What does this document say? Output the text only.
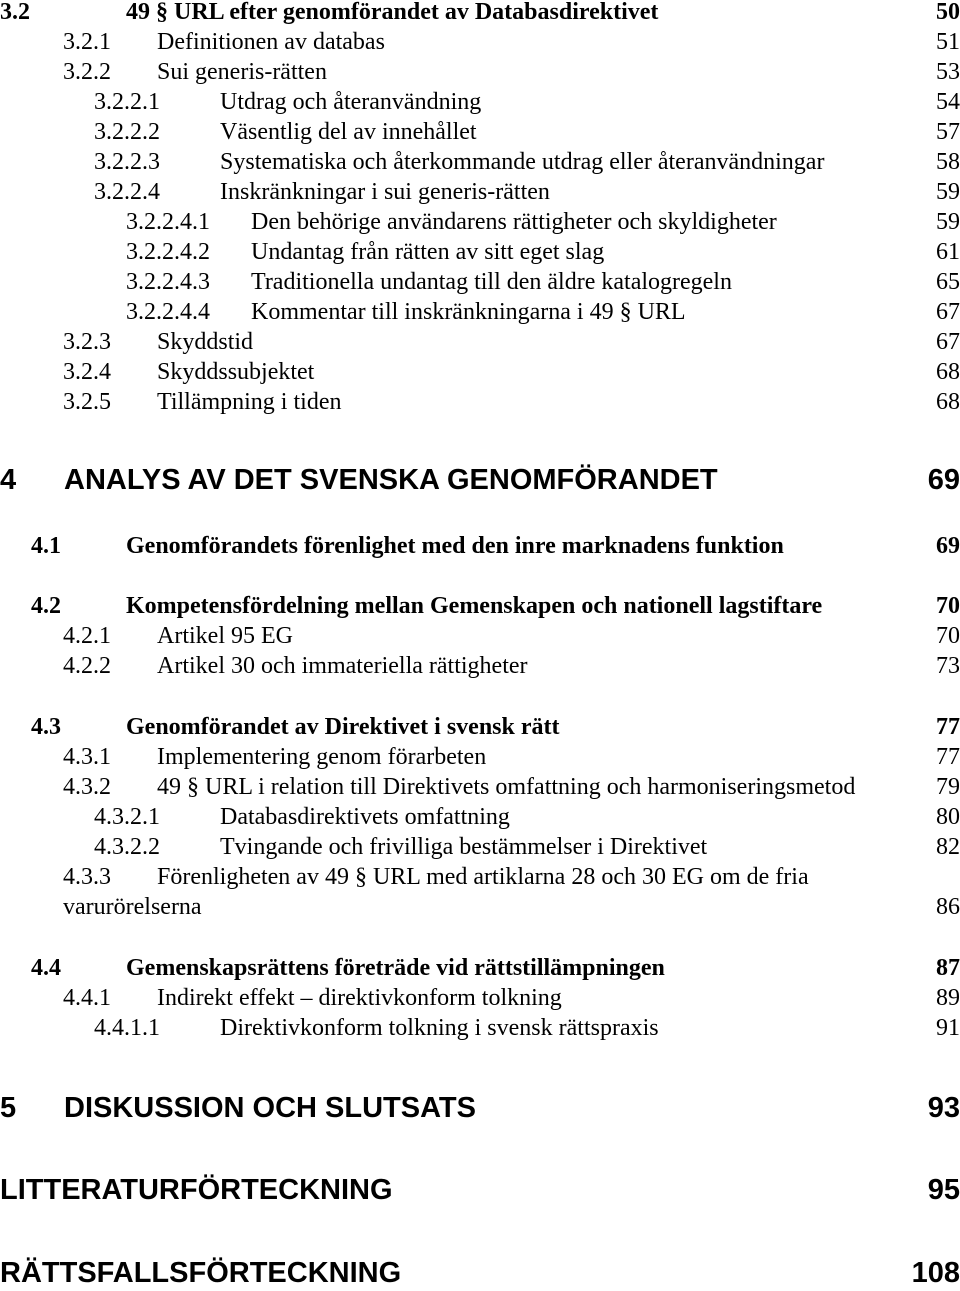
3.2	49 § URL efter genomförandet av Databasdirektivet	50
3.2.1 Definitionen av databas	51
3.2.2 Sui generis-rätten	53
3.2.2.1	Utdrag och återanvändning	54
3.2.2.2	Väsentlig del av innehållet	57
3.2.2.3	Systematiska och återkommande utdrag eller återanvändningar	58
3.2.2.4	Inskränkningar i sui generis-rätten	59
3.2.2.4.1 Den behörige användarens rättigheter och skyldigheter	59
3.2.2.4.2 Undantag från rätten av sitt eget slag	61
3.2.2.4.3 Traditionella undantag till den äldre katalogregeln	65
3.2.2.4.4 Kommentar till inskränkningarna i 49 § URL	67
3.2.3 Skyddstid	67
3.2.4 Skyddssubjektet	68
3.2.5 Tillämpning i tiden	68
4 ANALYS AV DET SVENSKA GENOMFÖRANDET	69
4.1	Genomförandets förenlighet med den inre marknadens funktion	69
4.2	Kompetensfördelning mellan Gemenskapen och nationell lagstiftare	70
4.2.1 Artikel 95 EG	70
4.2.2 Artikel 30 och immateriella rättigheter	73
4.3	Genomförandet av Direktivet i svensk rätt	77
4.3.1 Implementering genom förarbeten	77
4.3.2 49 § URL i relation till Direktivets omfattning och harmoniseringsmetod	79
4.3.2.1	Databasdirektivets omfattning	80
4.3.2.2	Tvingande och frivilliga bestämmelser i Direktivet	82
4.3.3 Förenligheten av 49 § URL med artiklarna 28 och 30 EG om de fria
varurörelserna	86
4.4	Gemenskapsrättens företräde vid rättstillämpningen	87
4.4.1 Indirekt effekt – direktivkonform tolkning	89
4.4.1.1	Direktivkonform tolkning i svensk rättspraxis	91
5 DISKUSSION OCH SLUTSATS	93
LITTERATURFÖRTECKNING	95
RÄTTSFALLSFÖRTECKNING	108
